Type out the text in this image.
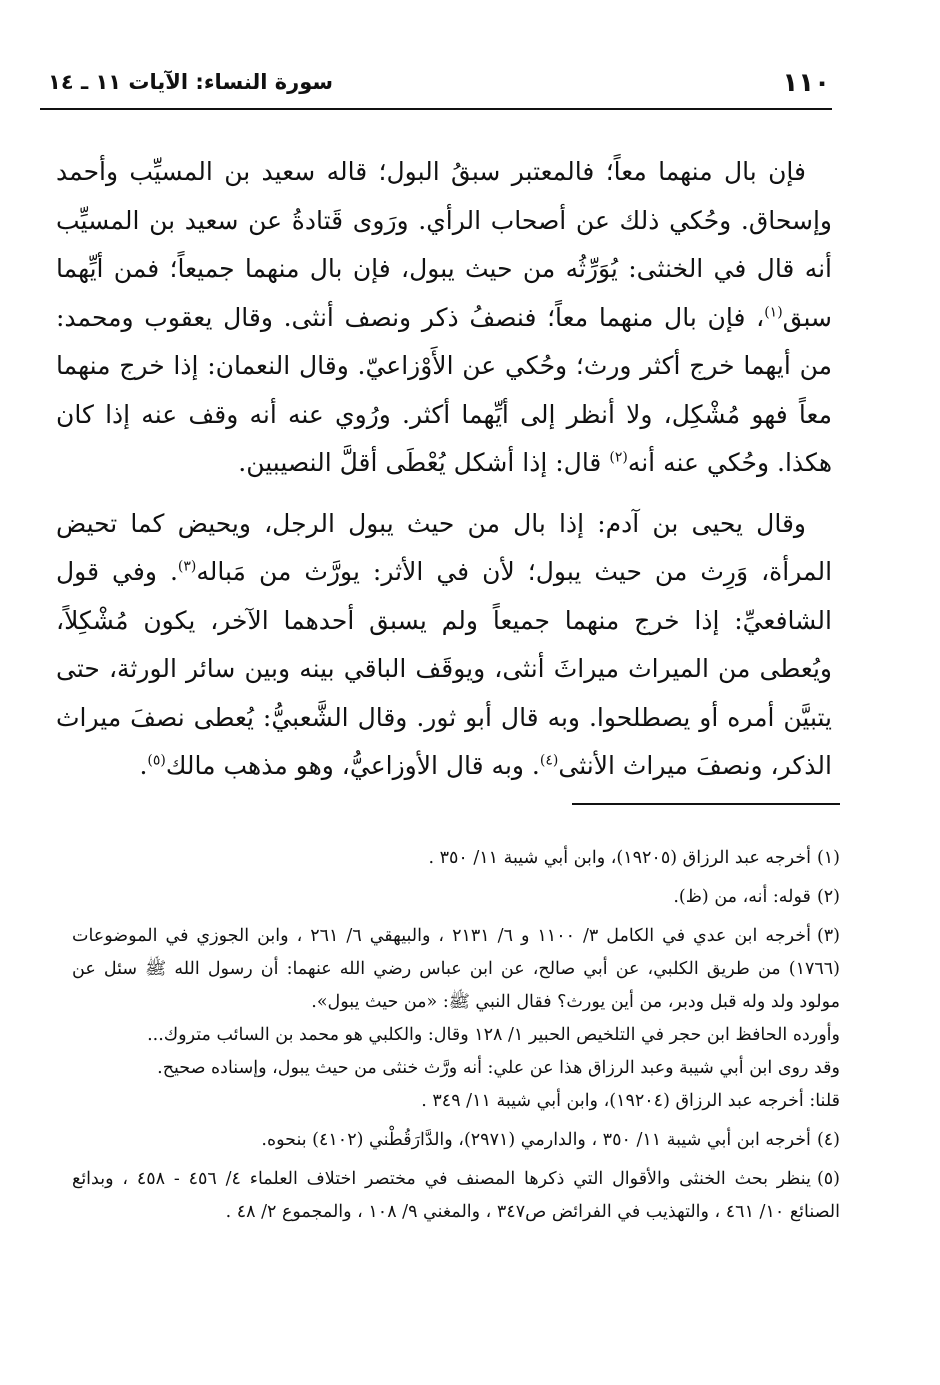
١١٠
سورة النساء: الآيات ١١ ـ ١٤

فإن بال منهما معاً؛ فالمعتبر سبقُ البول؛ قاله سعيد بن المسيِّب وأحمد وإسحاق. وحُكي ذلك عن أصحاب الرأي. ورَوى قَتادةُ عن سعيد بن المسيِّب أنه قال في الخنثى: يُوَرِّثُه من حيث يبول، فإن بال منهما جميعاً؛ فمن أيِّهما سبق$^{(١)}$، فإن بال منهما معاً؛ فنصفُ ذكر ونصف أنثى. وقال يعقوب ومحمد: من أيهما خرج أكثر ورث؛ وحُكي عن الأَوْزاعيّ. وقال النعمان: إذا خرج منهما معاً فهو مُشْكِل، ولا أنظر إلى أيِّهما أكثر. ورُوي عنه أنه وقف عنه إذا كان هكذا. وحُكي عنه أنه$^{(٢)}$ قال: إذا أشكل يُعْطَى أقلَّ النصيبين.

وقال يحيى بن آدم: إذا بال من حيث يبول الرجل، ويحيض كما تحيض المرأة، وَرِث من حيث يبول؛ لأن في الأثر: يورَّث من مَباله$^{(٣)}$. وفي قول الشافعيِّ: إذا خرج منهما جميعاً ولم يسبق أحدهما الآخر، يكون مُشْكِلاً، ويُعطى من الميراث ميراثَ أنثى، ويوقَف الباقي بينه وبين سائر الورثة، حتى يتبيَّن أمره أو يصطلحوا. وبه قال أبو ثور. وقال الشَّعبيُّ: يُعطى نصفَ ميراث الذكر، ونصفَ ميراث الأنثى$^{(٤)}$. وبه قال الأوزاعيُّ، وهو مذهب مالك$^{(٥)}$.

(١)أخرجه عبد الرزاق (١٩٢٠٥)، وابن أبي شيبة ١١/ ٣٥٠ .
(٢)قوله: أنه، من (ظ).
(٣)أخرجه ابن عدي في الكامل ٣/ ١١٠٠ و ٦/ ٢١٣١ ، والبيهقي ٦/ ٢٦١ ، وابن الجوزي في الموضوعات (١٧٦٦) من طريق الكلبي، عن أبي صالح، عن ابن عباس رضي الله عنهما: أن رسول الله ﷺ سئل عن مولود ولد وله قبل ودبر، من أين يورث؟ فقال النبي ﷺ: «من حيث يبول».
وأورده الحافظ ابن حجر في التلخيص الحبير ١/ ١٢٨ وقال: والكلبي هو محمد بن السائب متروك...
وقد روى ابن أبي شيبة وعبد الرزاق هذا عن علي: أنه ورَّث خنثى من حيث يبول، وإسناده صحيح.
قلنا: أخرجه عبد الرزاق (١٩٢٠٤)، وابن أبي شيبة ١١/ ٣٤٩ .
(٤)أخرجه ابن أبي شيبة ١١/ ٣٥٠ ، والدارمي (٢٩٧١)، والدَّارَقُطْني (٤١٠٢) بنحوه.
(٥)ينظر بحث الخنثى والأقوال التي ذكرها المصنف في مختصر اختلاف العلماء ٤/ ٤٥٦ - ٤٥٨ ، وبدائع الصنائع ١٠/ ٤٦١ ، والتهذيب في الفرائض ص٣٤٧ ، والمغني ٩/ ١٠٨ ، والمجموع ٢/ ٤٨ .
